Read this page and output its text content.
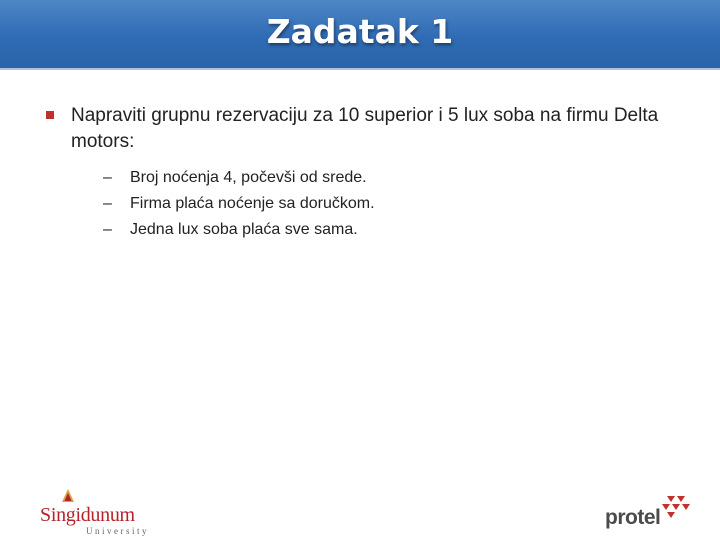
Zadatak 1
Napraviti grupnu rezervaciju za 10 superior i 5 lux soba na firmu Delta motors:
– Broj noćenja 4, počevši od srede.
– Firma plaća noćenje sa doručkom.
– Jedna lux soba plaća sve sama.
Singidunum
University
protel
